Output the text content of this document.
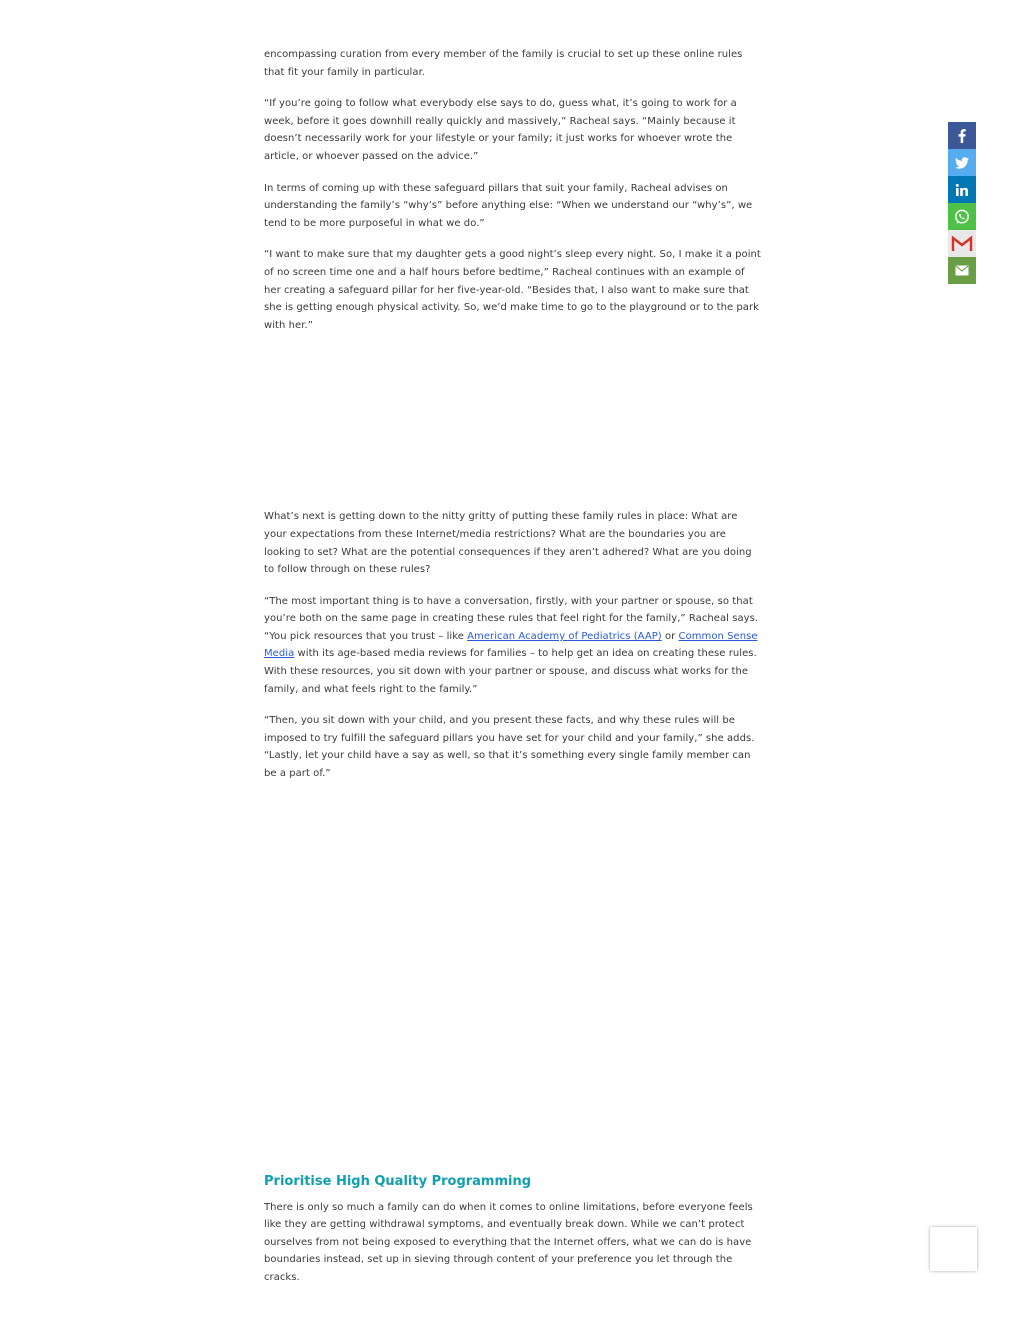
encompassing curation from every member of the family is crucial to set up these online rules that fit your family in particular.

“If you’re going to follow what everybody else says to do, guess what, it’s going to work for a week, before it goes downhill really quickly and massively,” Racheal says. “Mainly because it doesn’t necessarily work for your lifestyle or your family; it just works for whoever wrote the article, or whoever passed on the advice.”

In terms of coming up with these safeguard pillars that suit your family, Racheal advises on understanding the family’s “why’s” before anything else: “When we understand our “why’s”, we tend to be more purposeful in what we do.”

“I want to make sure that my daughter gets a good night’s sleep every night. So, I make it a point of no screen time one and a half hours before bedtime,” Racheal continues with an example of her creating a safeguard pillar for her five-year-old. “Besides that, I also want to make sure that she is getting enough physical activity. So, we’d make time to go to the playground or to the park with her.”

What’s next is getting down to the nitty gritty of putting these family rules in place: What are your expectations from these Internet/media restrictions? What are the boundaries you are looking to set? What are the potential consequences if they aren’t adhered? What are you doing to follow through on these rules?

“The most important thing is to have a conversation, firstly, with your partner or spouse, so that you’re both on the same page in creating these rules that feel right for the family,” Racheal says. “You pick resources that you trust – like American Academy of Pediatrics (AAP) or Common Sense Media with its age-based media reviews for families – to help get an idea on creating these rules. With these resources, you sit down with your partner or spouse, and discuss what works for the family, and what feels right to the family.”

“Then, you sit down with your child, and you present these facts, and why these rules will be imposed to try fulfill the safeguard pillars you have set for your child and your family,” she adds. “Lastly, let your child have a say as well, so that it’s something every single family member can be a part of.”

Prioritise High Quality Programming

There is only so much a family can do when it comes to online limitations, before everyone feels like they are getting withdrawal symptoms, and eventually break down. While we can’t protect ourselves from not being exposed to everything that the Internet offers, what we can do is have boundaries instead, set up in sieving through content of your preference you let through the cracks.
